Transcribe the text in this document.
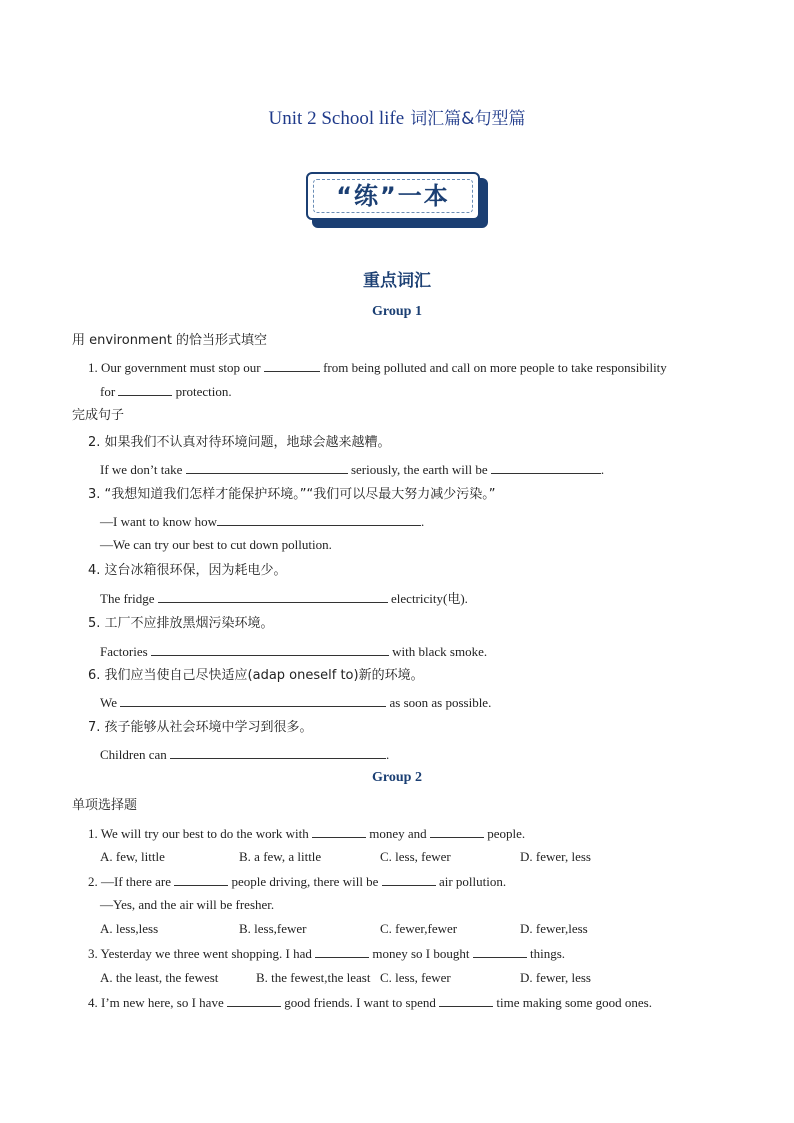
Unit 2 School life 词汇篇&句型篇
“练”一本
重点词汇
Group 1
用 environment 的恰当形式填空
1. Our government must stop our	from being polluted and call on more people to take responsibility
for	protection.
完成句子
2. 如果我们不认真对待环境问题，地球会越来越糟。
If we don’t take	seriously, the earth will be	.
3. “我想知道我们怎样才能保护环境。”“我们可以尽最大努力减少污染。”
—I want to know how	.
—We can try our best to cut down pollution.
4. 这台冰箱很环保，因为耗电少。
The fridge	electricity(电).
5. 工厂不应排放黑烟污染环境。
Factories	with black smoke.
6. 我们应当使自己尽快适应(adap oneself to)新的环境。
We	as soon as possible.
7. 孩子能够从社会环境中学习到很多。
Children can	.
Group 2
单项选择题
1. We will try our best to do the work with	money and	people.
A. few, little	B. a few, a little	C. less, fewer	D. fewer, less
2. —If there are	people driving, there will be	air pollution.
—Yes, and the air will be fresher.
A. less,less	B. less,fewer	C. fewer,fewer	D. fewer,less
3. Yesterday we three went shopping. I had	money so I bought	things.
A. the least, the fewest	B. the fewest,the least C. less, fewer	D. fewer, less
4. I’m new here, so I have	good friends. I want to spend	time making some good ones.
